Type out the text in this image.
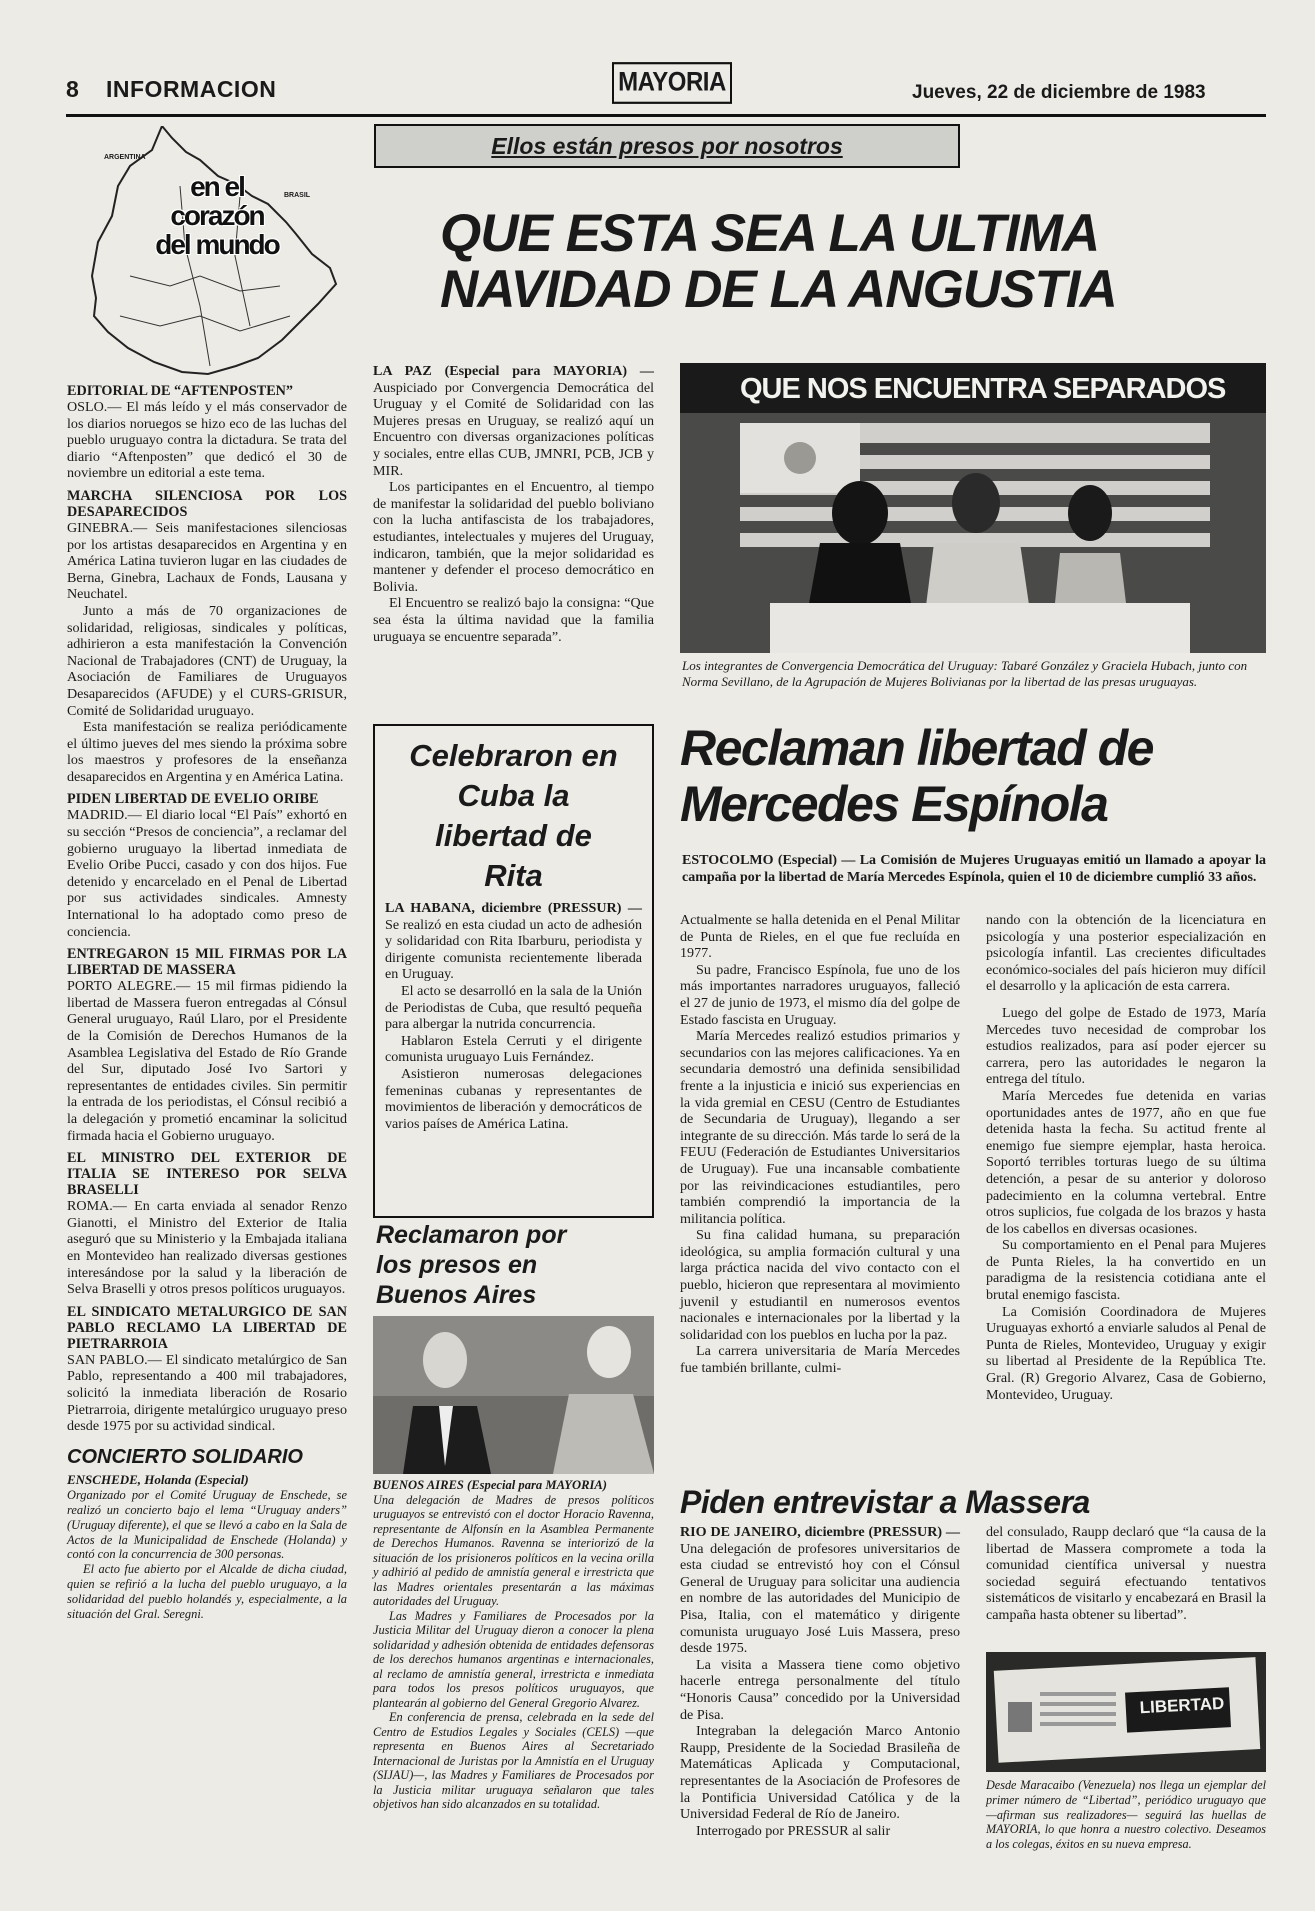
8 INFORMACION	MAYORIA	Jueves, 22 de diciembre de 1983
Ellos están presos por nosotros
ARGENTINA
BRASIL
en el
corazón
del mundo	QUE ESTA SEA LA ULTIMA
NAVIDAD DE LA ANGUSTIA
EDITORIAL DE “AFTENPOSTEN”

OSLO.— El más leído y el más conservador de los diarios noruegos se hizo eco de las luchas del pueblo uruguayo contra la dictadura. Se trata del diario “Aftenposten” que dedicó el 30 de noviembre un editorial a este tema.

MARCHA SILENCIOSA POR LOS DESAPARECIDOS

GINEBRA.— Seis manifestaciones silenciosas por los artistas desaparecidos en Argentina y en América Latina tuvieron lugar en las ciudades de Berna, Ginebra, Lachaux de Fonds, Lausana y Neuchatel.

Junto a más de 70 organizaciones de solidaridad, religiosas, sindicales y políticas, adhirieron a esta manifestación la Convención Nacional de Trabajadores (CNT) de Uruguay, la Asociación de Familiares de Uruguayos Desaparecidos (AFUDE) y el CURS-GRISUR, Comité de Solidaridad uruguayo.

Esta manifestación se realiza periódicamente el último jueves del mes siendo la próxima sobre los maestros y profesores de la enseñanza desaparecidos en Argentina y en América Latina.

PIDEN LIBERTAD DE EVELIO ORIBE

MADRID.— El diario local “El País” exhortó en su sección “Presos de conciencia”, a reclamar del gobierno uruguayo la libertad inmediata de Evelio Oribe Pucci, casado y con dos hijos. Fue detenido y encarcelado en el Penal de Libertad por sus actividades sindicales. Amnesty International lo ha adoptado como preso de conciencia.

ENTREGARON 15 MIL FIRMAS POR LA LIBERTAD DE MASSERA

PORTO ALEGRE.— 15 mil firmas pidiendo la libertad de Massera fueron entregadas al Cónsul General uruguayo, Raúl Llaro, por el Presidente de la Comisión de Derechos Humanos de la Asamblea Legislativa del Estado de Río Grande del Sur, diputado José Ivo Sartori y representantes de entidades civiles. Sin permitir la entrada de los periodistas, el Cónsul recibió a la delegación y prometió encaminar la solicitud firmada hacia el Gobierno uruguayo.

EL MINISTRO DEL EXTERIOR DE ITALIA SE INTERESO POR SELVA BRASELLI

ROMA.— En carta enviada al senador Renzo Gianotti, el Ministro del Exterior de Italia aseguró que su Ministerio y la Embajada italiana en Montevideo han realizado diversas gestiones interesándose por la salud y la liberación de Selva Braselli y otros presos políticos uruguayos.

EL SINDICATO METALURGICO DE SAN PABLO RECLAMO LA LIBERTAD DE PIETRARROIA

SAN PABLO.— El sindicato metalúrgico de San Pablo, representando a 400 mil trabajadores, solicitó la inmediata liberación de Rosario Pietrarroia, dirigente metalúrgico uruguayo preso desde 1975 por su actividad sindical.

CONCIERTO SOLIDARIO
ENSCHEDE, Holanda (Especial)

Organizado por el Comité Uruguay de Enschede, se realizó un concierto bajo el lema “Uruguay anders” (Uruguay diferente), el que se llevó a cabo en la Sala de Actos de la Municipalidad de Enschede (Holanda) y contó con la concurrencia de 300 personas.

El acto fue abierto por el Alcalde de dicha ciudad, quien se refirió a la lucha del pueblo uruguayo, a la solidaridad del pueblo holandés y, especialmente, a la situación del Gral. Seregni.

LA PAZ (Especial para MAYORIA) — Auspiciado por Convergencia Democrática del Uruguay y el Comité de Solidaridad con las Mujeres presas en Uruguay, se realizó aquí un Encuentro con diversas organizaciones políticas y sociales, entre ellas CUB, JMNRI, PCB, JCB y MIR.

Los participantes en el Encuentro, al tiempo de manifestar la solidaridad del pueblo boliviano con la lucha antifascista de los trabajadores, estudiantes, intelectuales y mujeres del Uruguay, indicaron, también, que la mejor solidaridad es mantener y defender el proceso democrático en Bolivia.

El Encuentro se realizó bajo la consigna: “Que sea ésta la última navidad que la familia uruguaya se encuentre separada”.

Celebraron en Cuba la libertad de Rita

LA HABANA, diciembre (PRESSUR) — Se realizó en esta ciudad un acto de adhesión y solidaridad con Rita Ibarburu, periodista y dirigente comunista recientemente liberada en Uruguay.

El acto se desarrolló en la sala de la Unión de Periodistas de Cuba, que resultó pequeña para albergar la nutrida concurrencia.

Hablaron Estela Cerruti y el dirigente comunista uruguayo Luis Fernández.

Asistieron numerosas delegaciones femeninas cubanas y representantes de movimientos de liberación y democráticos de varios países de América Latina.

Reclamaron por los presos en Buenos Aires

BUENOS AIRES (Especial para MAYORIA)

Una delegación de Madres de presos políticos uruguayos se entrevistó con el doctor Horacio Ravenna, representante de Alfonsín en la Asamblea Permanente de Derechos Humanos. Ravenna se interiorizó de la situación de los prisioneros políticos en la vecina orilla y adhirió al pedido de amnistía general e irrestricta que las Madres orientales presentarán a las máximas autoridades del Uruguay.

Las Madres y Familiares de Procesados por la Justicia Militar del Uruguay dieron a conocer la plena solidaridad y adhesión obtenida de entidades defensoras de los derechos humanos argentinas e internacionales, al reclamo de amnistía general, irrestricta e inmediata para todos los presos políticos uruguayos, que plantearán al gobierno del General Gregorio Alvarez.

En conferencia de prensa, celebrada en la sede del Centro de Estudios Legales y Sociales (CELS) —que representa en Buenos Aires al Secretariado Internacional de Juristas por la Amnistía en el Uruguay (SIJAU)—, las Madres y Familiares de Procesados por la Justicia militar uruguaya señalaron que tales objetivos han sido alcanzados en su totalidad.

QUE NOS ENCUENTRA SEPARADOS
Los integrantes de Convergencia Democrática del Uruguay: Tabaré González y Graciela Hubach, junto con Norma Sevillano, de la Agrupación de Mujeres Bolivianas por la libertad de las presas uruguayas.
Reclaman libertad de
Mercedes Espínola
ESTOCOLMO (Especial) — La Comisión de Mujeres Uruguayas emitió un llamado a apoyar la campaña por la libertad de María Mercedes Espínola, quien el 10 de diciembre cumplió 33 años.

Actualmente se halla detenida en el Penal Militar de Punta de Rieles, en el que fue recluída en 1977.

Su padre, Francisco Espínola, fue uno de los más importantes narradores uruguayos, falleció el 27 de junio de 1973, el mismo día del golpe de Estado fascista en Uruguay.

María Mercedes realizó estudios primarios y secundarios con las mejores calificaciones. Ya en secundaria demostró una definida sensibilidad frente a la injusticia e inició sus experiencias en la vida gremial en CESU (Centro de Estudiantes de Secundaria de Uruguay), llegando a ser integrante de su dirección. Más tarde lo será de la FEUU (Federación de Estudiantes Universitarios de Uruguay). Fue una incansable combatiente por las reivindicaciones estudiantiles, pero también comprendió la importancia de la militancia política.

Su fina calidad humana, su preparación ideológica, su amplia formación cultural y una larga práctica nacida del vivo contacto con el pueblo, hicieron que representara al movimiento juvenil y estudiantil en numerosos eventos nacionales e internacionales por la libertad y la solidaridad con los pueblos en lucha por la paz.

La carrera universitaria de María Mercedes fue también brillante, culmi-

nando con la obtención de la licenciatura en psicología y una posterior especialización en psicología infantil. Las crecientes dificultades económico-sociales del país hicieron muy difícil el desarrollo y la aplicación de esta carrera.

Luego del golpe de Estado de 1973, María Mercedes tuvo necesidad de comprobar los estudios realizados, para así poder ejercer su carrera, pero las autoridades le negaron la entrega del título.

María Mercedes fue detenida en varias oportunidades antes de 1977, año en que fue detenida hasta la fecha. Su actitud frente al enemigo fue siempre ejemplar, hasta heroica. Soportó terribles torturas luego de su última detención, a pesar de su anterior y doloroso padecimiento en la columna vertebral. Entre otros suplicios, fue colgada de los brazos y hasta de los cabellos en diversas ocasiones.

Su comportamiento en el Penal para Mujeres de Punta Rieles, la ha convertido en un paradigma de la resistencia cotidiana ante el brutal enemigo fascista.

La Comisión Coordinadora de Mujeres Uruguayas exhortó a enviarle saludos al Penal de Punta de Rieles, Montevideo, Uruguay y exigir su libertad al Presidente de la República Tte. Gral. (R) Gregorio Alvarez, Casa de Gobierno, Montevideo, Uruguay.

Piden entrevistar a Massera

RIO DE JANEIRO, diciembre (PRESSUR) — Una delegación de profesores universitarios de esta ciudad se entrevistó hoy con el Cónsul General de Uruguay para solicitar una audiencia en nombre de las autoridades del Municipio de Pisa, Italia, con el matemático y dirigente comunista uruguayo José Luis Massera, preso desde 1975.

La visita a Massera tiene como objetivo hacerle entrega personalmente del título “Honoris Causa” concedido por la Universidad de Pisa.

Integraban la delegación Marco Antonio Raupp, Presidente de la Sociedad Brasileña de Matemáticas Aplicada y Computacional, representantes de la Asociación de Profesores de la Pontificia Universidad Católica y de la Universidad Federal de Río de Janeiro.

Interrogado por PRESSUR al salir

del consulado, Raupp declaró que “la causa de la libertad de Massera compromete a toda la comunidad científica universal y nuestra sociedad seguirá efectuando tentativos sistemáticos de visitarlo y encabezará en Brasil la campaña hasta obtener su libertad”.

LIBERTAD
Desde Maracaibo (Venezuela) nos llega un ejemplar del primer número de “Libertad”, periódico uruguayo que —afirman sus realizadores— seguirá las huellas de MAYORIA, lo que honra a nuestro colectivo. Deseamos a los colegas, éxitos en su nueva empresa.
